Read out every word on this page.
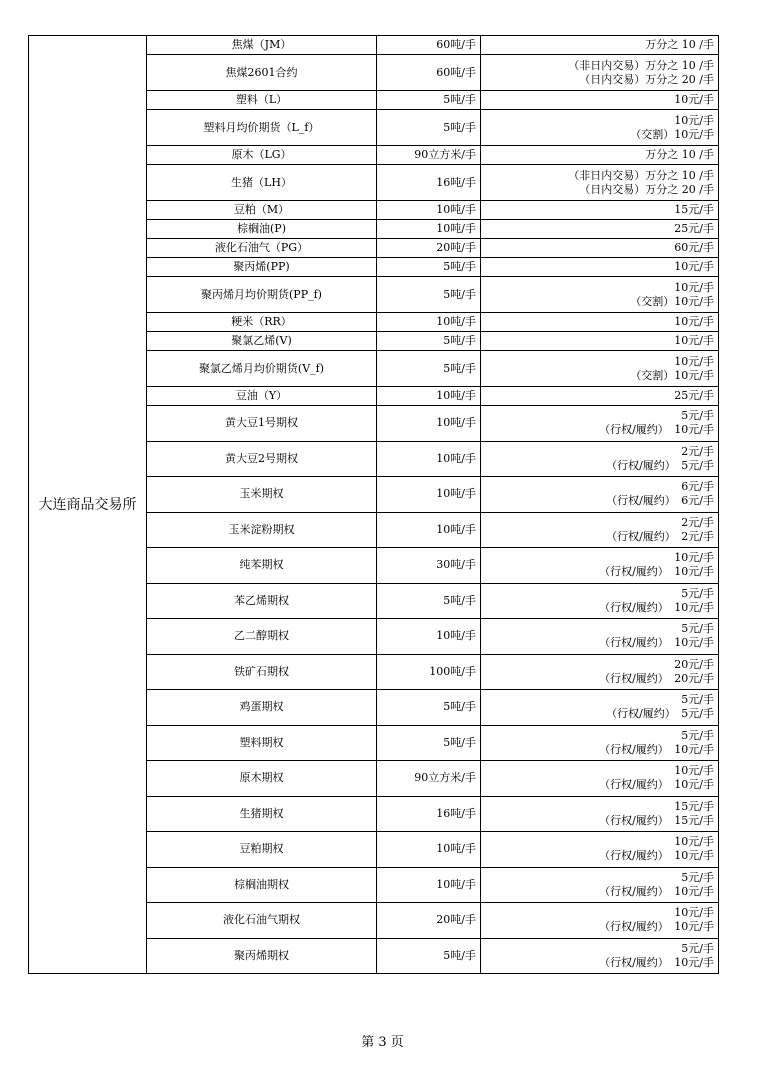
大连商品交易所	焦煤（JM）	60吨/手	万分之 10 /手

	焦煤2601合约	60吨/手	（非日内交易）万分之 10 /手
（日内交易）万分之 20 /手

	塑料（L）	5吨/手	10元/手

	塑料月均价期货（L_f）	5吨/手	10元/手
（交割）10元/手

	原木（LG）	90立方米/手	万分之 10 /手

	生猪（LH）	16吨/手	（非日内交易）万分之 10 /手
（日内交易）万分之 20 /手

	豆粕（M）	10吨/手	15元/手

	棕榈油(P)	10吨/手	25元/手

	液化石油气（PG）	20吨/手	60元/手

	聚丙烯(PP)	5吨/手	10元/手

	聚丙烯月均价期货(PP_f)	5吨/手	10元/手
（交割）10元/手

	粳米（RR）	10吨/手	10元/手

	聚氯乙烯(V)	5吨/手	10元/手

	聚氯乙烯月均价期货(V_f)	5吨/手	10元/手
（交割）10元/手

	豆油（Y）	10吨/手	25元/手

	黄大豆1号期权	10吨/手	5元/手
（行权/履约）　10元/手

	黄大豆2号期权	10吨/手	2元/手
（行权/履约）　5元/手

	玉米期权	10吨/手	6元/手
（行权/履约）　6元/手

	玉米淀粉期权	10吨/手	2元/手
（行权/履约）　2元/手

	纯苯期权	30吨/手	10元/手
（行权/履约）　10元/手

	苯乙烯期权	5吨/手	5元/手
（行权/履约）　10元/手

	乙二醇期权	10吨/手	5元/手
（行权/履约）　10元/手

	铁矿石期权	100吨/手	20元/手
（行权/履约）　20元/手

	鸡蛋期权	5吨/手	5元/手
（行权/履约）　5元/手

	塑料期权	5吨/手	5元/手
（行权/履约）　10元/手

	原木期权	90立方米/手	10元/手
（行权/履约）　10元/手

	生猪期权	16吨/手	15元/手
（行权/履约）　15元/手

	豆粕期权	10吨/手	10元/手
（行权/履约）　10元/手

	棕榈油期权	10吨/手	5元/手
（行权/履约）　10元/手

	液化石油气期权	20吨/手	10元/手
（行权/履约）　10元/手

	聚丙烯期权	5吨/手	5元/手
（行权/履约）　10元/手
第 3 页
